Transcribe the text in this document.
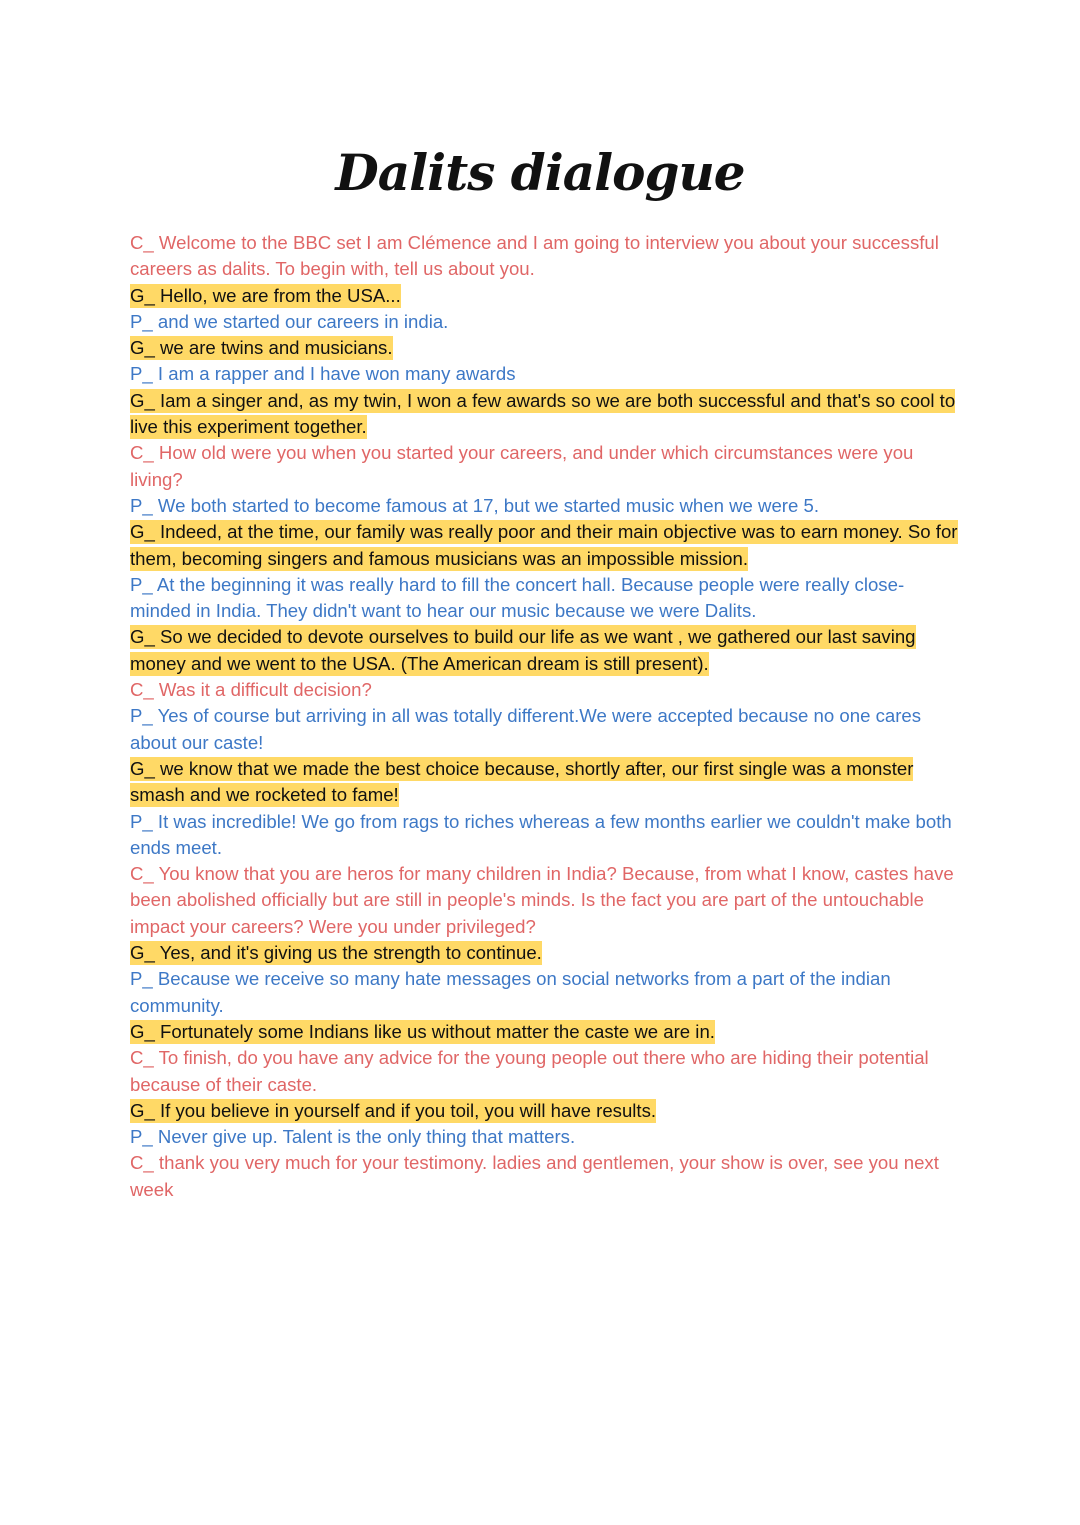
Dalits dialogue

C_ Welcome to the BBC set I am Clémence and I am going to interview you about your successful careers as dalits. To begin with, tell us about you.

G_ Hello, we are from the USA...

P_ and we started our careers in india.

G_ we are twins and musicians.

P_ I am a rapper and I have won many awards

G_ Iam a singer and, as my twin, I won a few awards so we are both successful and that's so cool to live this experiment together.

C_ How old were you when you started your careers, and under which circumstances were you living?

P_ We both started to become famous at 17, but we started music when we were 5.

G_ Indeed, at the time, our family was really poor and their main objective was to earn money. So for them, becoming singers and famous musicians was an impossible mission.

P_ At the beginning it was really hard to fill the concert hall. Because people were really close-minded in India. They didn't want to hear our music because we were Dalits.

G_ So we decided to devote ourselves to build our life as we want , we gathered our last saving money and we went to the USA. (The American dream is still present).

C_ Was it a difficult decision?

P_ Yes of course but arriving in all was totally different.We were accepted because no one cares about our caste!

G_ we know that we made the best choice because, shortly after, our first single was a monster smash and we rocketed to fame!

P_ It was incredible! We go from rags to riches whereas a few months earlier we couldn't make both ends meet.

C_ You know that you are heros for many children in India? Because, from what I know, castes have been abolished officially but are still in people's minds. Is the fact you are part of the untouchable impact your careers? Were you under privileged?

G_ Yes, and it's giving us the strength to continue.

P_ Because we receive so many hate messages on social networks from a part of the indian community.

G_ Fortunately some Indians like us without matter the caste we are in.

C_ To finish, do you have any advice for the young people out there who are hiding their potential because of their caste.

G_ If you believe in yourself and if you toil, you will have results.

P_ Never give up. Talent is the only thing that matters.

C_ thank you very much for your testimony. ladies and gentlemen, your show is over, see you next week
